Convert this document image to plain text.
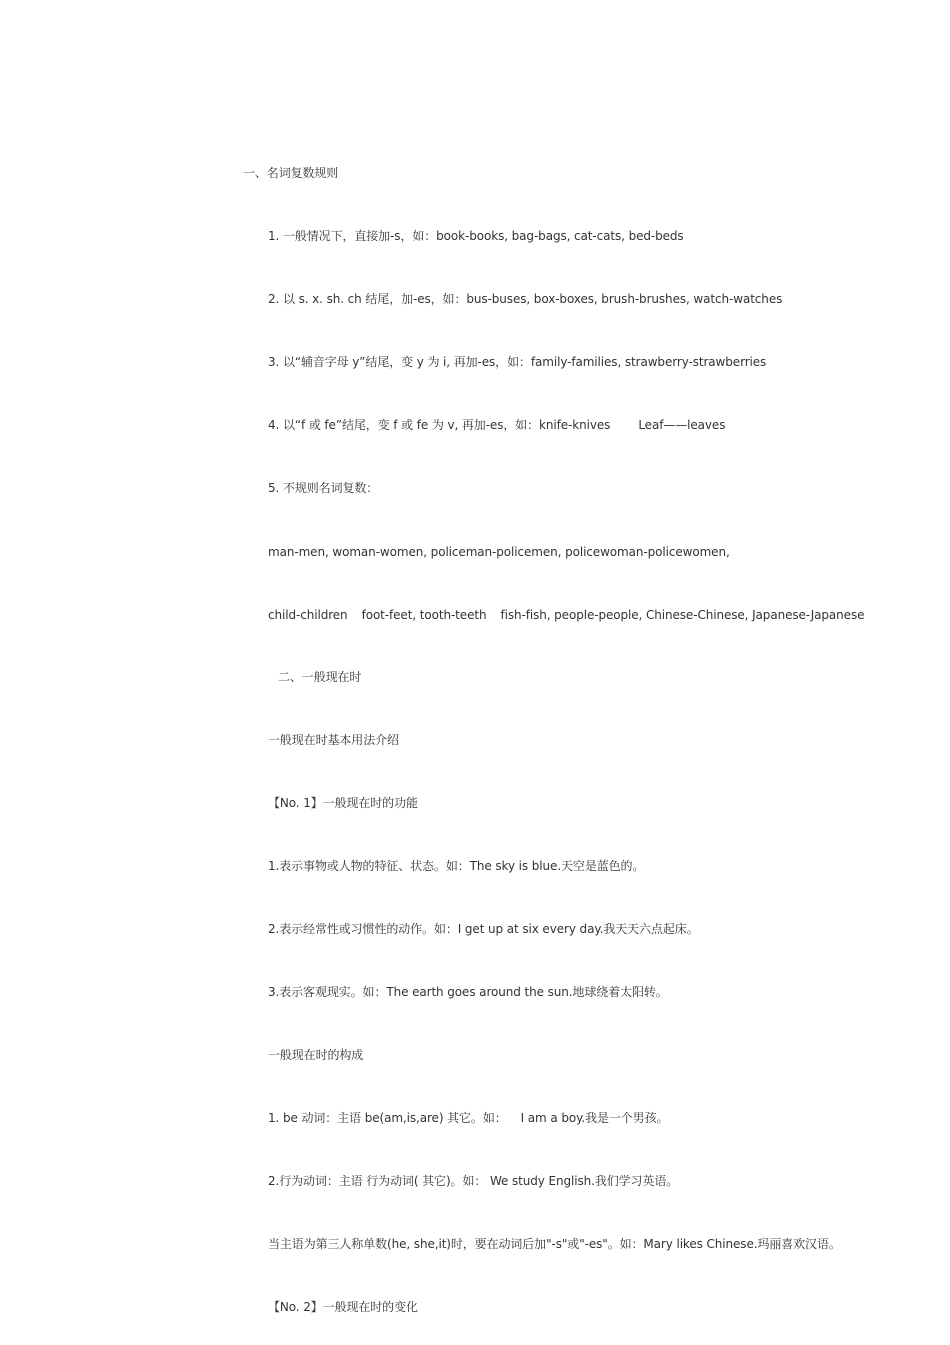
一、名词复数规则
1. 一般情况下，直接加-s，如：book-books, bag-bags, cat-cats, bed-beds
2. 以 s. x. sh. ch 结尾，加-es，如：bus-buses, box-boxes, brush-brushes, watch-watches
3. 以“辅音字母 y”结尾，变 y 为 i, 再加-es，如：family-families, strawberry-strawberries
4. 以“f 或 fe”结尾，变 f 或 fe 为 v, 再加-es，如：knife-knives Leaf——leaves
5. 不规则名词复数：
man-men, woman-women, policeman-policemen, policewoman-policewomen,
child-children foot-feet, tooth-teeth fish-fish, people-people, Chinese-Chinese, Japanese-Japanese
二、一般现在时
一般现在时基本用法介绍
【No. 1】一般现在时的功能
1.表示事物或人物的特征、状态。如：The sky is blue.天空是蓝色的。
2.表示经常性或习惯性的动作。如：I get up at six every day.我天天六点起床。
3.表示客观现实。如：The earth goes around the sun.地球绕着太阳转。
一般现在时的构成
1. be 动词：主语 be(am,is,are) 其它。如： I am a boy.我是一个男孩。
2.行为动词：主语 行为动词( 其它)。如： We study English.我们学习英语。
当主语为第三人称单数(he, she,it)时，要在动词后加"-s"或"-es"。如：Mary likes Chinese.玛丽喜欢汉语。
【No. 2】一般现在时的变化
